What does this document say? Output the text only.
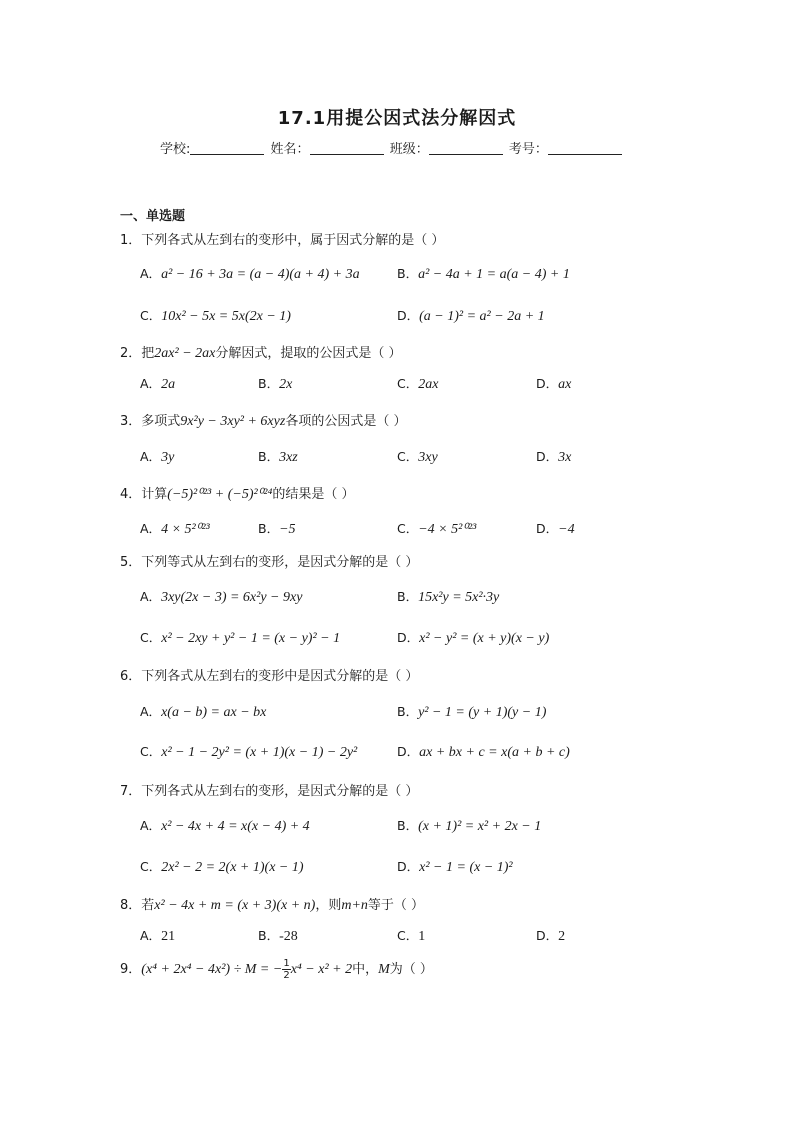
17.1用提公因式法分解因式
学校:	姓名：	班级：	考号：
一、单选题
1．下列各式从左到右的变形中，属于因式分解的是（ ）
A．a² − 16 + 3a = (a − 4)(a + 4) + 3a	B．a² − 4a + 1 = a(a − 4) + 1
C．10x² − 5x = 5x(2x − 1)	D．(a − 1)² = a² − 2a + 1
2．把2ax² − 2ax分解因式，提取的公因式是（ ）
A．2a	B．2x	C．2ax	D．ax
3．多项式9x²y − 3xy² + 6xyz各项的公因式是（ ）
A．3y	B．3xz	C．3xy	D．3x
4．计算(−5)²⁰²³ + (−5)²⁰²⁴的结果是（ ）
A．4 × 5²⁰²³	B．−5	C．−4 × 5²⁰²³	D．−4
5．下列等式从左到右的变形，是因式分解的是（ ）
A．3xy(2x − 3) = 6x²y − 9xy	B．15x²y = 5x²·3y
C．x² − 2xy + y² − 1 = (x − y)² − 1	D．x² − y² = (x + y)(x − y)
6．下列各式从左到右的变形中是因式分解的是（ ）
A．x(a − b) = ax − bx	B．y² − 1 = (y + 1)(y − 1)
C．x² − 1 − 2y² = (x + 1)(x − 1) − 2y²	D．ax + bx + c = x(a + b + c)
7．下列各式从左到右的变形，是因式分解的是（ ）
A．x² − 4x + 4 = x(x − 4) + 4	B．(x + 1)² = x² + 2x − 1
C．2x² − 2 = 2(x + 1)(x − 1)	D．x² − 1 = (x − 1)²
8．若x² − 4x + m = (x + 3)(x + n)，则m+n等于（ ）
A．21	B．-28	C．1	D．2
9．(x⁴ + 2x⁴ − 4x²) ÷ M = − $\frac{1}{2} x^4 - x^2 + 2$中，M为（ ）
